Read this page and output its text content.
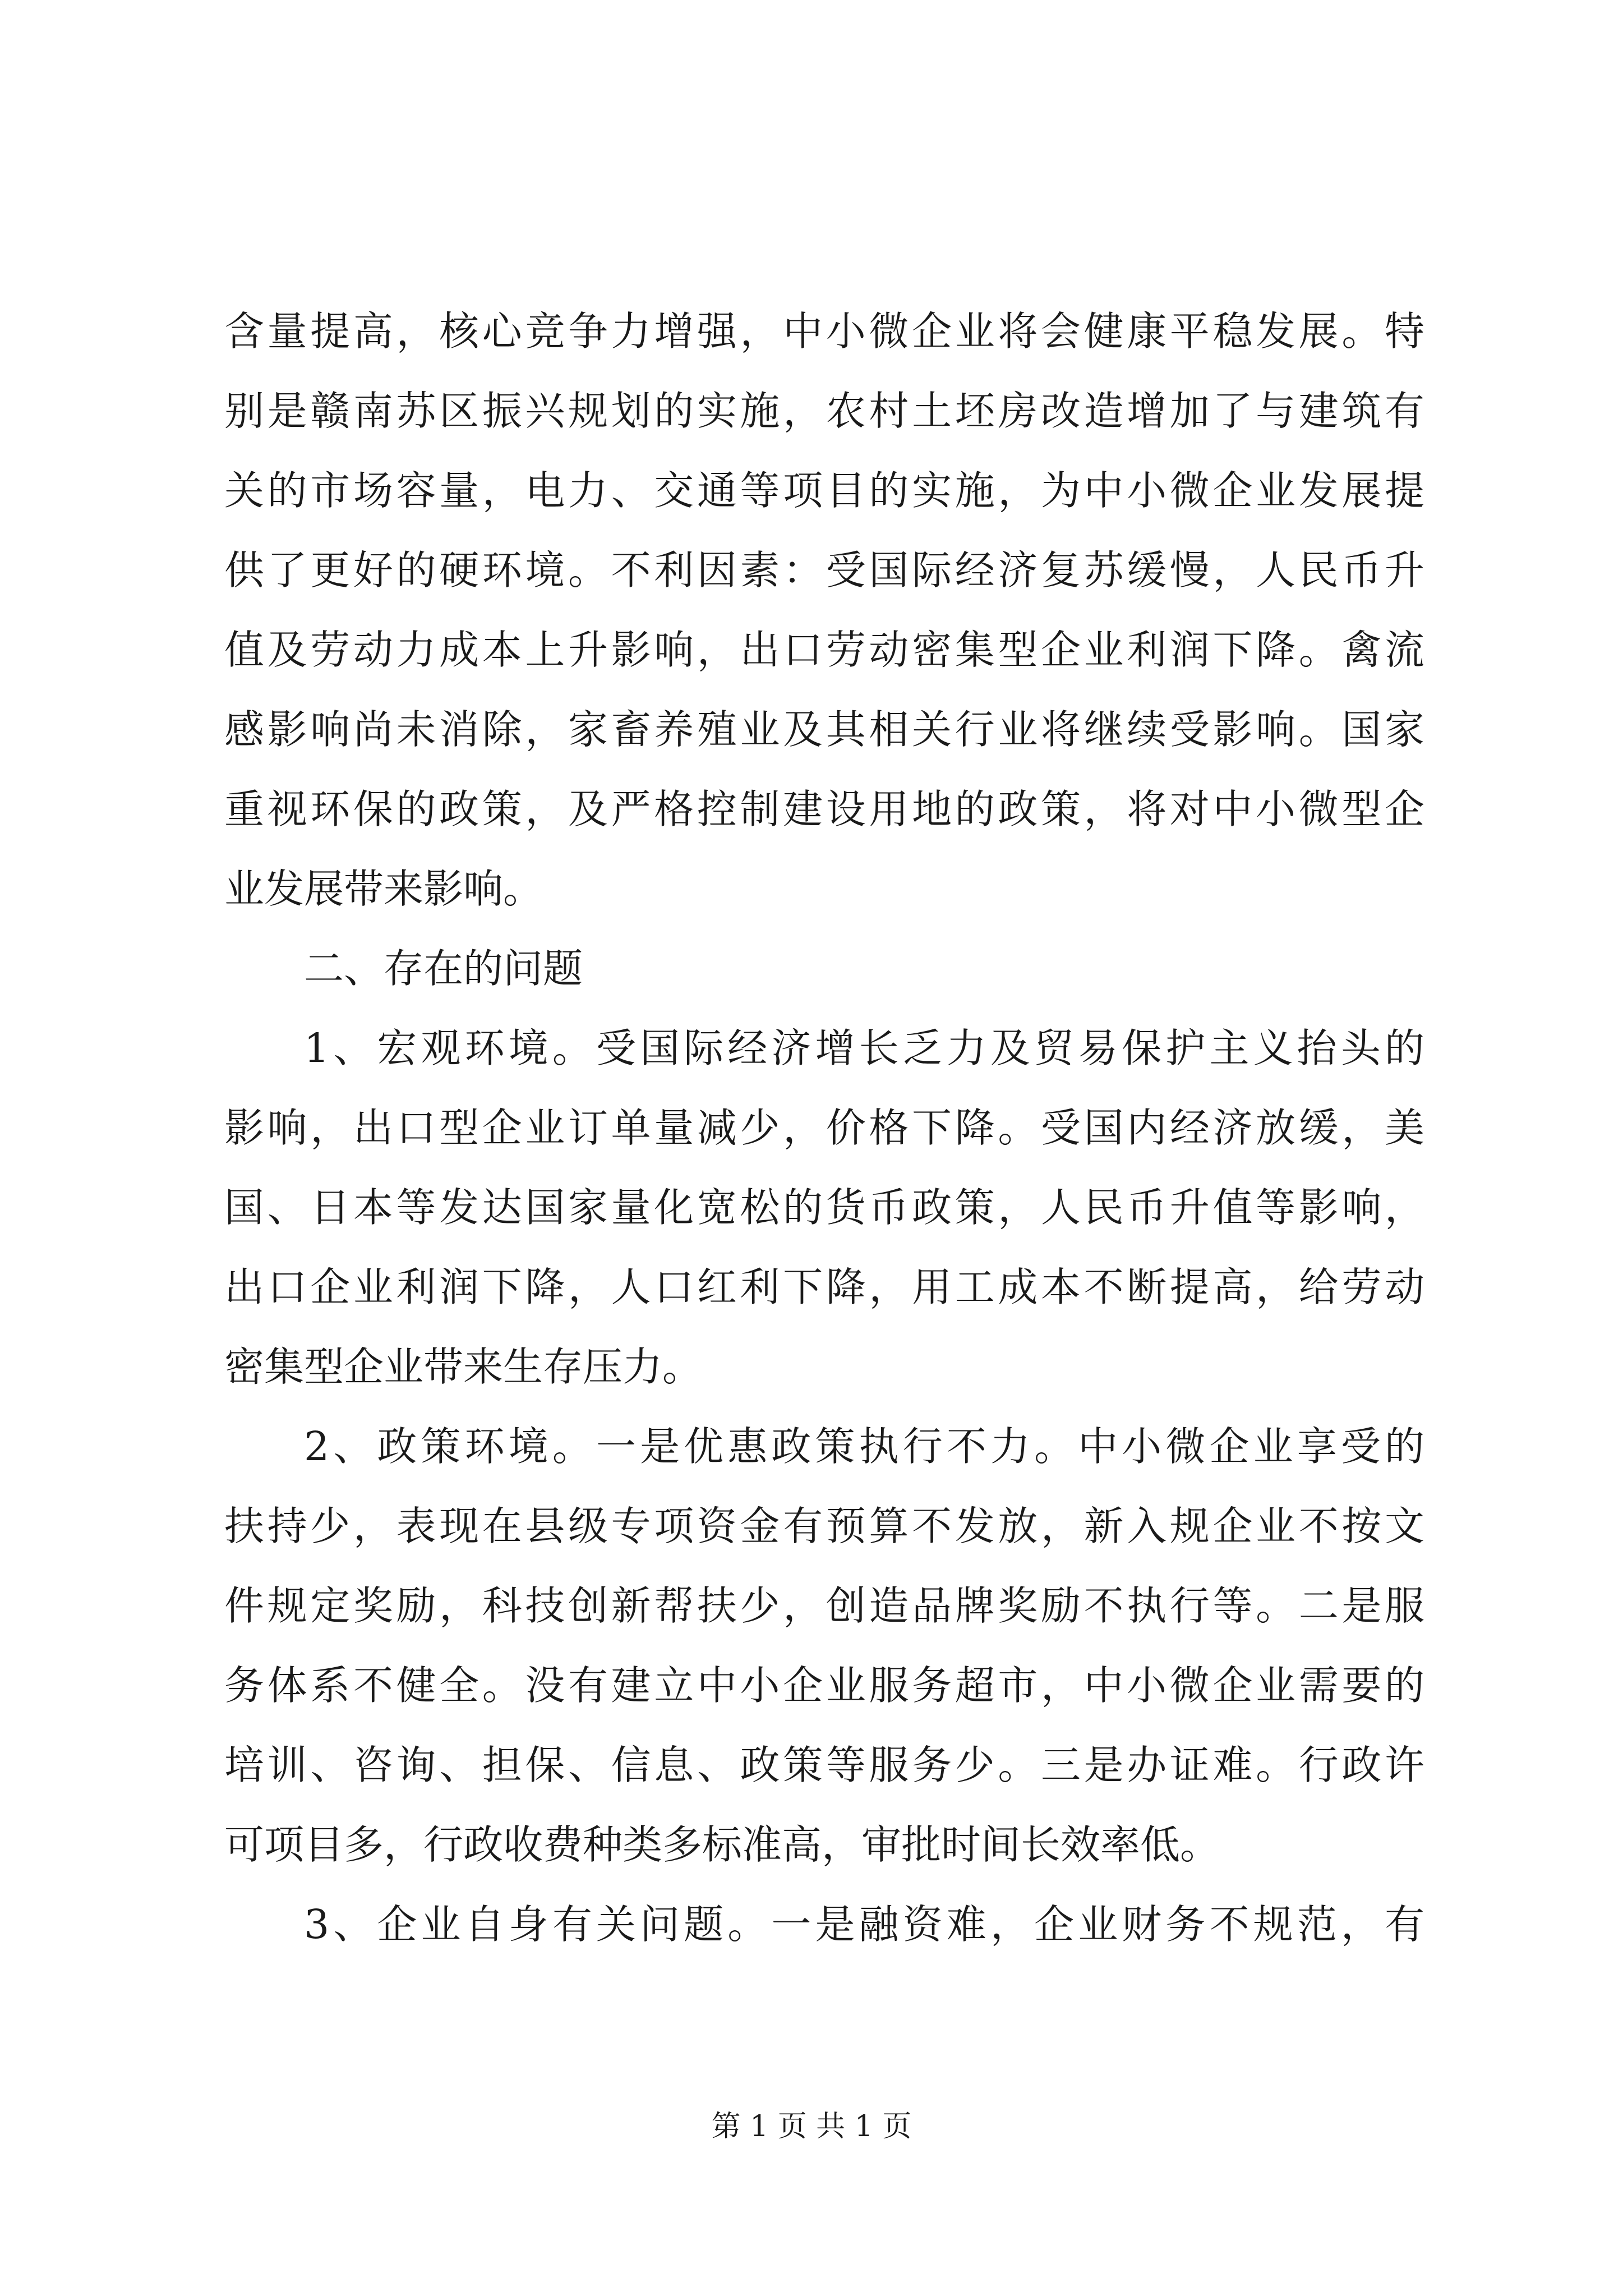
含量提高，核心竞争力增强，中小微企业将会健康平稳发展。特
别是赣南苏区振兴规划的实施，农村土坯房改造增加了与建筑有
关的市场容量，电力、交通等项目的实施，为中小微企业发展提
供了更好的硬环境。不利因素：受国际经济复苏缓慢，人民币升
值及劳动力成本上升影响，出口劳动密集型企业利润下降。禽流
感影响尚未消除，家畜养殖业及其相关行业将继续受影响。国家
重视环保的政策，及严格控制建设用地的政策，将对中小微型企
业发展带来影响。
二、存在的问题
1、宏观环境。受国际经济增长乏力及贸易保护主义抬头的
影响，出口型企业订单量减少，价格下降。受国内经济放缓，美
国、日本等发达国家量化宽松的货币政策，人民币升值等影响，
出口企业利润下降，人口红利下降，用工成本不断提高，给劳动
密集型企业带来生存压力。
2、政策环境。一是优惠政策执行不力。中小微企业享受的
扶持少，表现在县级专项资金有预算不发放，新入规企业不按文
件规定奖励，科技创新帮扶少，创造品牌奖励不执行等。二是服
务体系不健全。没有建立中小企业服务超市，中小微企业需要的
培训、咨询、担保、信息、政策等服务少。三是办证难。行政许
可项目多，行政收费种类多标准高，审批时间长效率低。
3、企业自身有关问题。一是融资难，企业财务不规范，有
第 1 页 共 1 页
